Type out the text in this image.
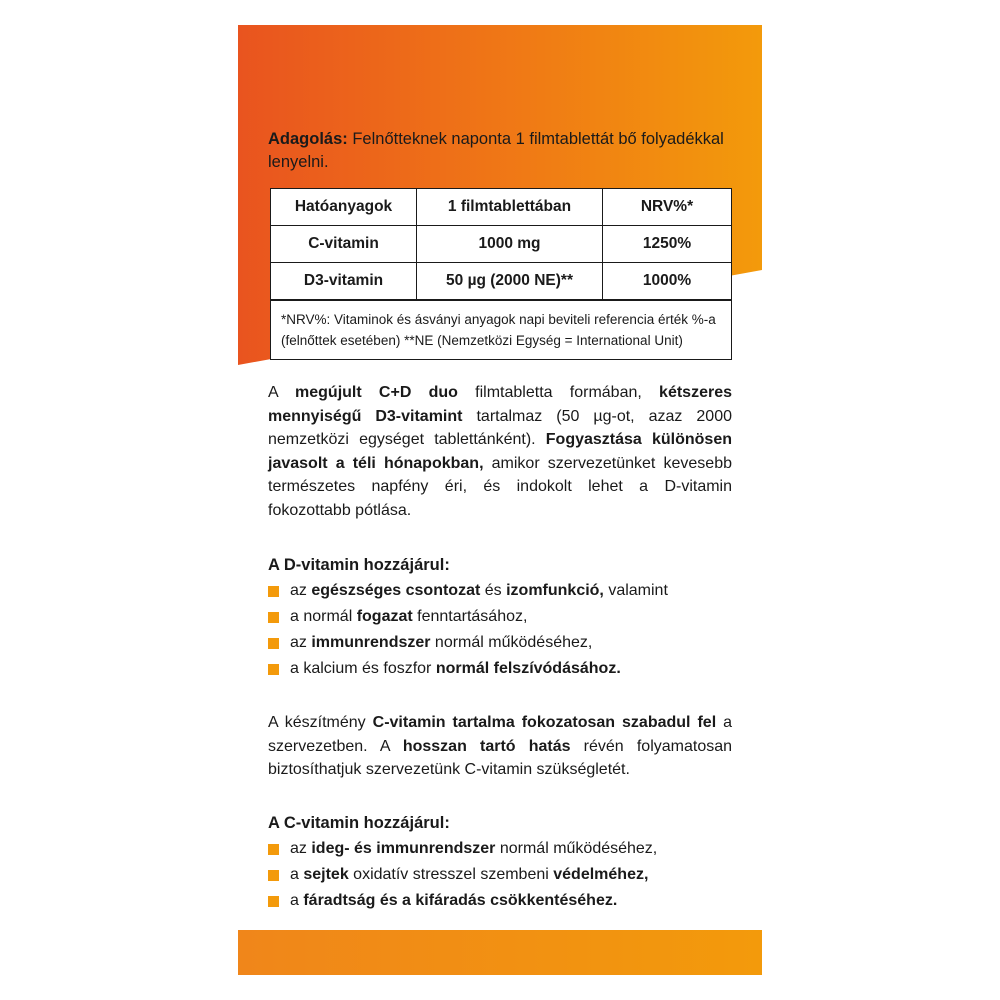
Adagolás: Felnőtteknek naponta 1 filmtablettát bő folyadékkal lenyelni.

Hatóanyagok	1 filmtablettában	NRV%*
C-vitamin	1000 mg	1250%
D3-vitamin	50 µg (2000 NE)**	1000%
*NRV%: Vitaminok és ásványi anyagok napi beviteli referencia érték %-a (felnőttek esetében) **NE (Nemzetközi Egység = International Unit)

A megújult C+D duo filmtabletta formában, kétszeres mennyiségű D3-vitamint tartalmaz (50 µg-ot, azaz 2000 nemzetközi egységet tablettánként). Fogyasztása különösen javasolt a téli hónapokban, amikor szervezetünket kevesebb természetes napfény éri, és indokolt lehet a D-vitamin fokozottabb pótlása.

A D-vitamin hozzájárul:

az egészséges csontozat és izomfunkció, valamint
a normál fogazat fenntartásához,
az immunrendszer normál működéséhez,
a kalcium és foszfor normál felszívódásához.

A készítmény C-vitamin tartalma fokozatosan szabadul fel a szervezetben. A hosszan tartó hatás révén folyamatosan biztosíthatjuk szervezetünk C-vitamin szükségletét.

A C-vitamin hozzájárul:

az ideg- és immunrendszer normál működéséhez,
a sejtek oxidatív stresszel szembeni védelméhez,
a fáradtság és a kifáradás csökkentéséhez.
